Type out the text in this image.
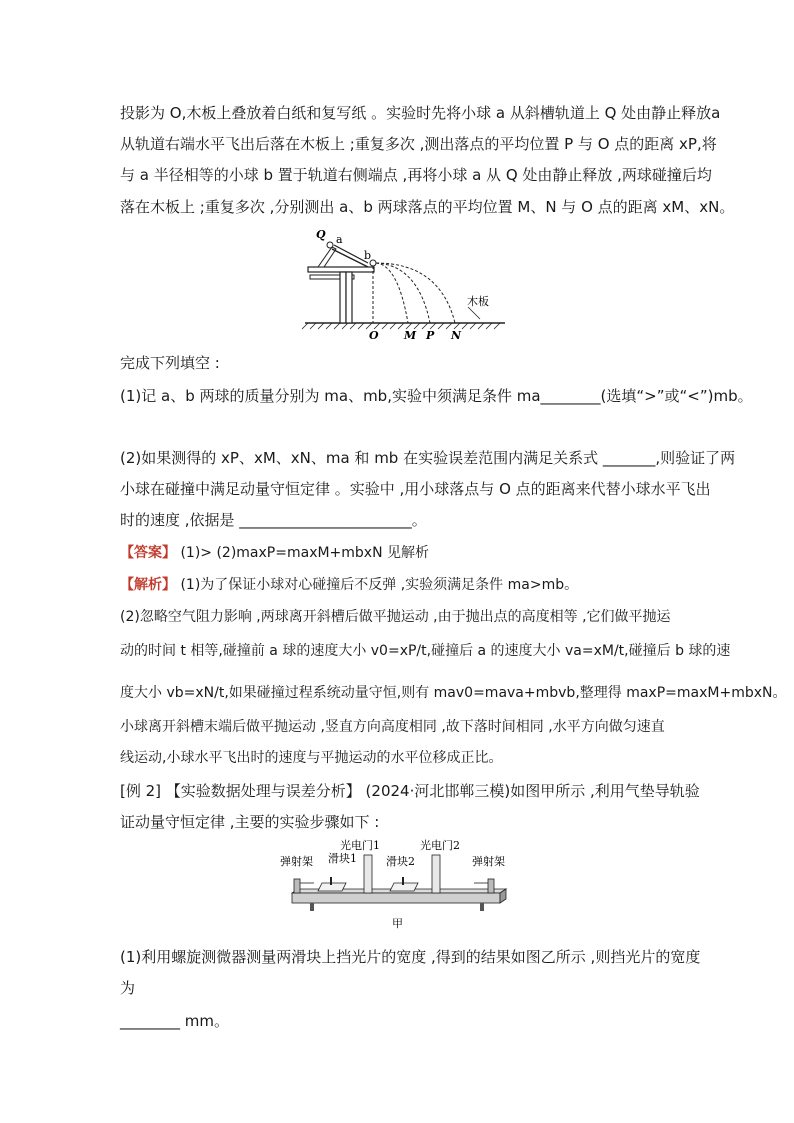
投影为 O,木板上叠放着白纸和复写纸 。实验时先将小球 a 从斜槽轨道上 Q 处由静止释放a
从轨道右端水平飞出后落在木板上 ;重复多次 ,测出落点的平均位置 P 与 O 点的距离 xP,将
与 a 半径相等的小球 b 置于轨道右侧端点 ,再将小球 a 从 Q 处由静止释放 ,两球碰撞后均
落在木板上 ;重复多次 ,分别测出 a、b 两球落点的平均位置 M、N 与 O 点的距离 xM、xN。
Q a
b
木板
O M P N
完成下列填空 :
(1)记 a、b 两球的质量分别为 ma、mb,实验中须满足条件 ma________(选填“>”或“<”)mb。
(2)如果测得的 xP、xM、xN、ma 和 mb 在实验误差范围内满足关系式 _______,则验证了两
小球在碰撞中满足动量守恒定律 。实验中 ,用小球落点与 O 点的距离来代替小球水平飞出
时的速度 ,依据是 _______________________。
【答案】 (1)> (2)maxP=maxM+mbxN 见解析
【解析】 (1)为了保证小球对心碰撞后不反弹 ,实验须满足条件 ma>mb。
(2)忽略空气阻力影响 ,两球离开斜槽后做平抛运动 ,由于抛出点的高度相等 ,它们做平抛运
动的时间 t 相等,碰撞前 a 球的速度大小 v0=xP/t,碰撞后 a 的速度大小 va=xM/t,碰撞后 b 球的速
度大小 vb=xN/t,如果碰撞过程系统动量守恒,则有 mav0=mava+mbvb,整理得 maxP=maxM+mbxN。
小球离开斜槽末端后做平抛运动 ,竖直方向高度相同 ,故下落时间相同 ,水平方向做匀速直
线运动,小球水平飞出时的速度与平抛运动的水平位移成正比。
[例 2] 【实验数据处理与误差分析】 (2024·河北邯郸三模)如图甲所示 ,利用气垫导轨验
证动量守恒定律 ,主要的实验步骤如下 :
弹射架 滑块1
光电门1
滑块2
光电门2
弹射架
甲
(1)利用螺旋测微器测量两滑块上挡光片的宽度 ,得到的结果如图乙所示 ,则挡光片的宽度
为
________ mm。
